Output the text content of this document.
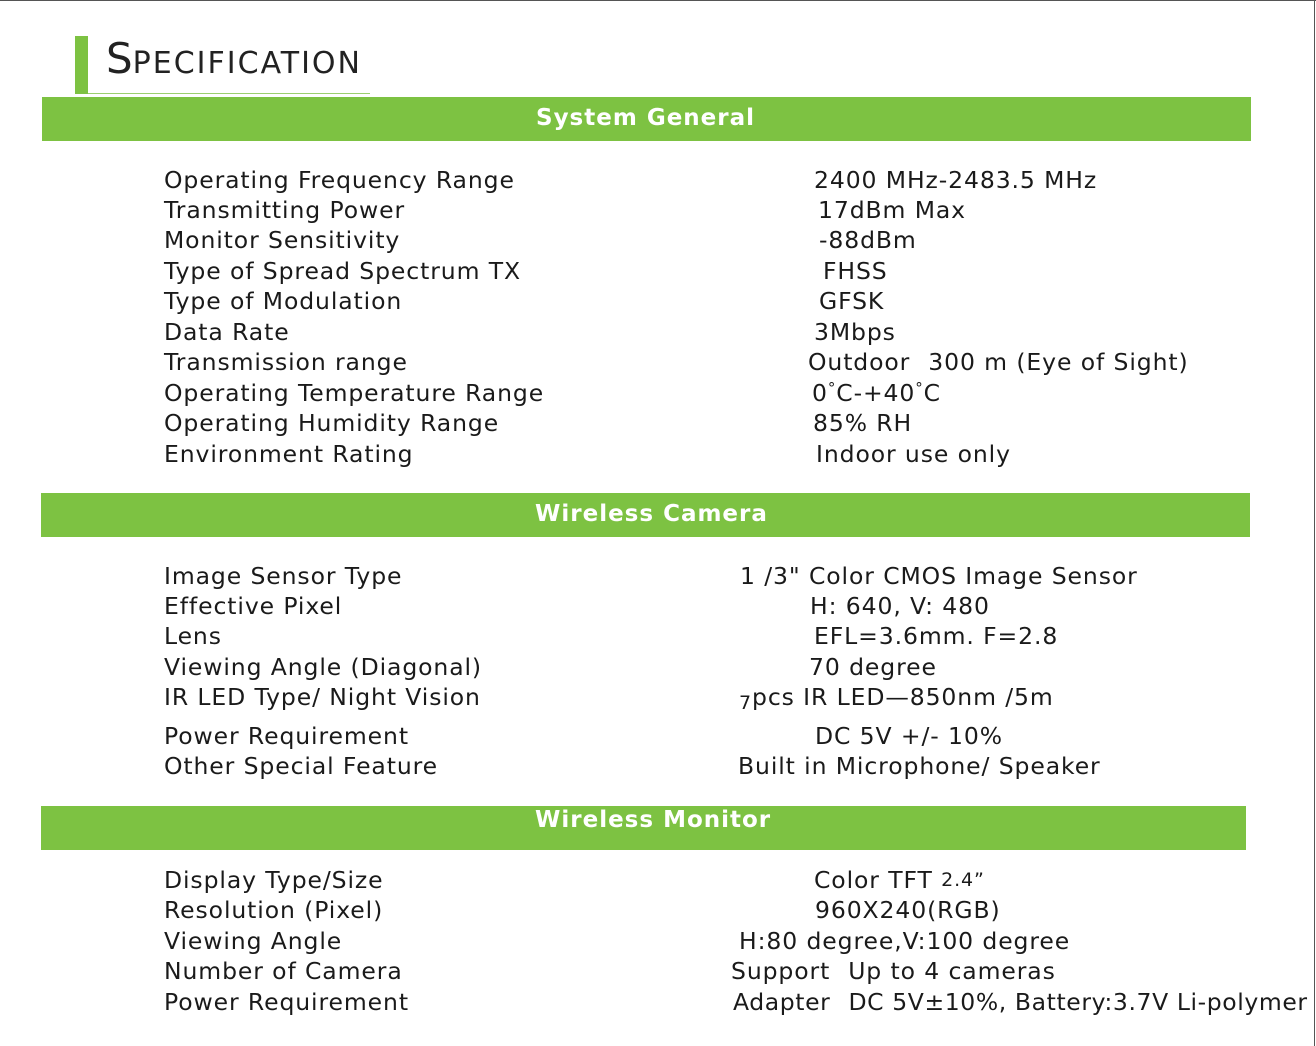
SPECIFICATION
System General
Operating Frequency Range	2400 MHz-2483.5 MHz
Transmitting Power	17dBm Max
Monitor Sensitivity	-88dBm
Type of Spread Spectrum TX	FHSS
Type of Modulation	GFSK
Data Rate	3Mbps
Transmission range	Outdoor 300 m (Eye of Sight)
Operating Temperature Range	0°C-+40°C
Operating Humidity Range	85% RH
Environment Rating	Indoor use only
Wireless Camera
Image Sensor Type	1 /3" Color CMOS Image Sensor
Effective Pixel	H: 640, V: 480
Lens	EFL=3.6mm. F=2.8
Viewing Angle (Diagonal)	70 degree
IR LED Type/ Night Vision	7pcs IR LED—850nm /5m
Power Requirement	DC 5V +/- 10%
Other Special Feature	Built in Microphone/ Speaker
Wireless Monitor
Display Type/Size	Color TFT 2.4”
Resolution (Pixel)	960X240(RGB)
Viewing Angle	H:80 degree,V:100 degree
Number of Camera	Support Up to 4 cameras
Power Requirement	Adapter DC 5V±10%, Battery:3.7V Li-polymer
